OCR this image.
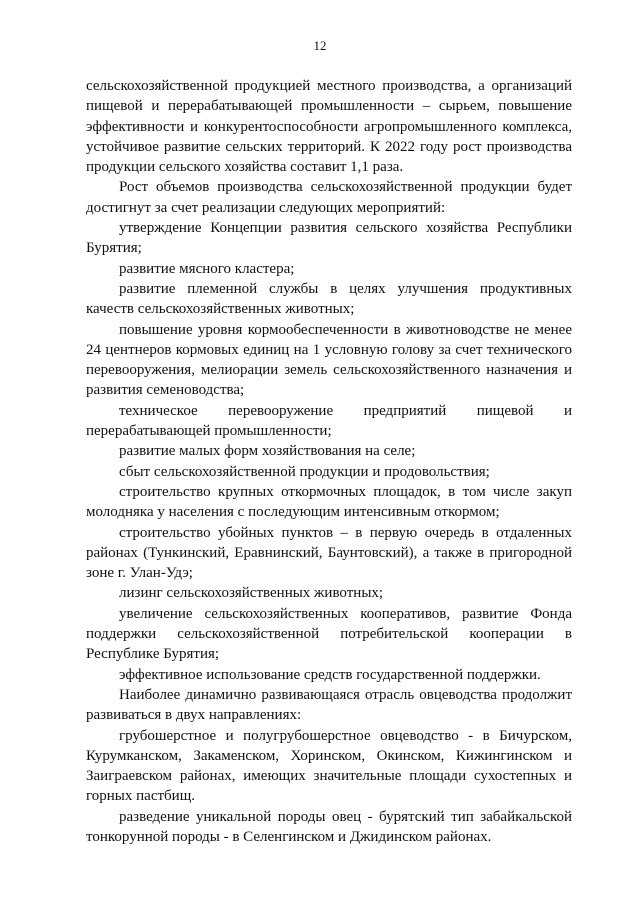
12

сельскохозяйственной продукцией местного производства, а организаций пищевой и перерабатывающей промышленности – сырьем, повышение эффективности и конкурентоспособности агропромышленного комплекса, устойчивое развитие сельских территорий. К 2022 году рост производства продукции сельского хозяйства составит 1,1 раза.

Рост объемов производства сельскохозяйственной продукции будет достигнут за счет реализации следующих мероприятий:

утверждение Концепции развития сельского хозяйства Республики Бурятия;

развитие мясного кластера;

развитие племенной службы в целях улучшения продуктивных качеств сельскохозяйственных животных;

повышение уровня кормообеспеченности в животноводстве не менее 24 центнеров кормовых единиц на 1 условную голову за счет технического перевооружения, мелиорации земель сельскохозяйственного назначения и развития семеноводства;

техническое перевооружение предприятий пищевой и перерабатывающей промышленности;

развитие малых форм хозяйствования на селе;

сбыт сельскохозяйственной продукции и продовольствия;

строительство крупных откормочных площадок, в том числе закуп молодняка у населения с последующим интенсивным откормом;

строительство убойных пунктов – в первую очередь в отдаленных районах (Тункинский, Еравнинский, Баунтовский), а также в пригородной зоне г. Улан-Удэ;

лизинг сельскохозяйственных животных;

увеличение сельскохозяйственных кооперативов, развитие Фонда поддержки сельскохозяйственной потребительской кооперации в Республике Бурятия;

эффективное использование средств государственной поддержки.

Наиболее динамично развивающаяся отрасль овцеводства продолжит развиваться в двух направлениях:

грубошерстное и полугрубошерстное овцеводство - в Бичурском, Курумканском, Закаменском, Хоринском, Окинском, Кижингинском и Заиграевском районах, имеющих значительные площади сухостепных и горных пастбищ.

разведение уникальной породы овец - бурятский тип забайкальской тонкорунной породы - в Селенгинском и Джидинском районах.
